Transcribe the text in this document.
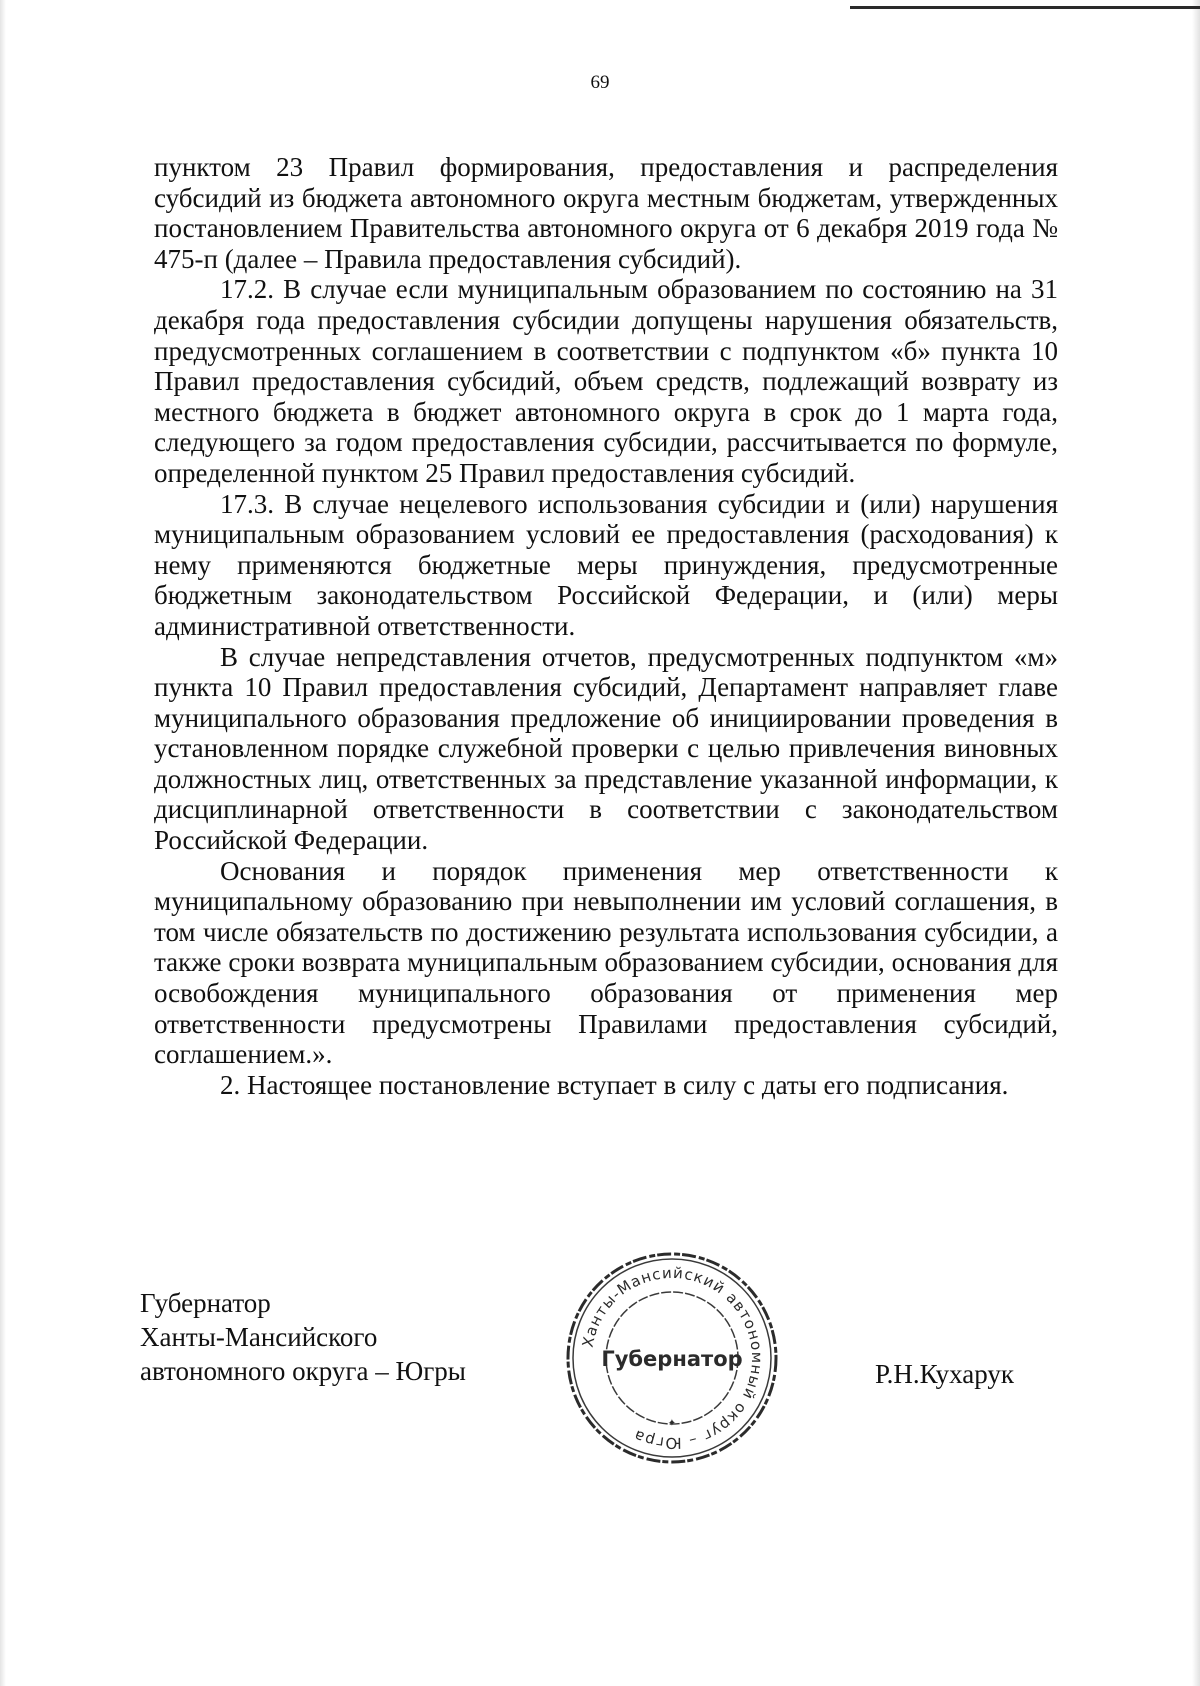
69

пунктом 23 Правил формирования, предоставления и распределения субсидий из бюджета автономного округа местным бюджетам, утвержденных постановлением Правительства автономного округа от 6 декабря 2019 года № 475-п (далее – Правила предоставления субсидий).

17.2. В случае если муниципальным образованием по состоянию на 31 декабря года предоставления субсидии допущены нарушения обязательств, предусмотренных соглашением в соответствии с подпунктом «б» пункта 10 Правил предоставления субсидий, объем средств, подлежащий возврату из местного бюджета в бюджет автономного округа в срок до 1 марта года, следующего за годом предоставления субсидии, рассчитывается по формуле, определенной пунктом 25 Правил предоставления субсидий.

17.3. В случае нецелевого использования субсидии и (или) нарушения муниципальным образованием условий ее предоставления (расходования) к нему применяются бюджетные меры принуждения, предусмотренные бюджетным законодательством Российской Федерации, и (или) меры административной ответственности.

В случае непредставления отчетов, предусмотренных подпунктом «м» пункта 10 Правил предоставления субсидий, Департамент направляет главе муниципального образования предложение об инициировании проведения в установленном порядке служебной проверки с целью привлечения виновных должностных лиц, ответственных за представление указанной информации, к дисциплинарной ответственности в соответствии с законодательством Российской Федерации.

Основания и порядок применения мер ответственности к муниципальному образованию при невыполнении им условий соглашения, в том числе обязательств по достижению результата использования субсидии, а также сроки возврата муниципальным образованием субсидии, основания для освобождения муниципального образования от применения мер ответственности предусмотрены Правилами предоставления субсидий, соглашением.».

2. Настоящее постановление вступает в силу с даты его подписания.

Губернатор
Ханты-Мансийского
автономного округа – Югры
Ханты-Мансийский автономный округ – Югра
Губернатор
✦
Р.Н.Кухарук
